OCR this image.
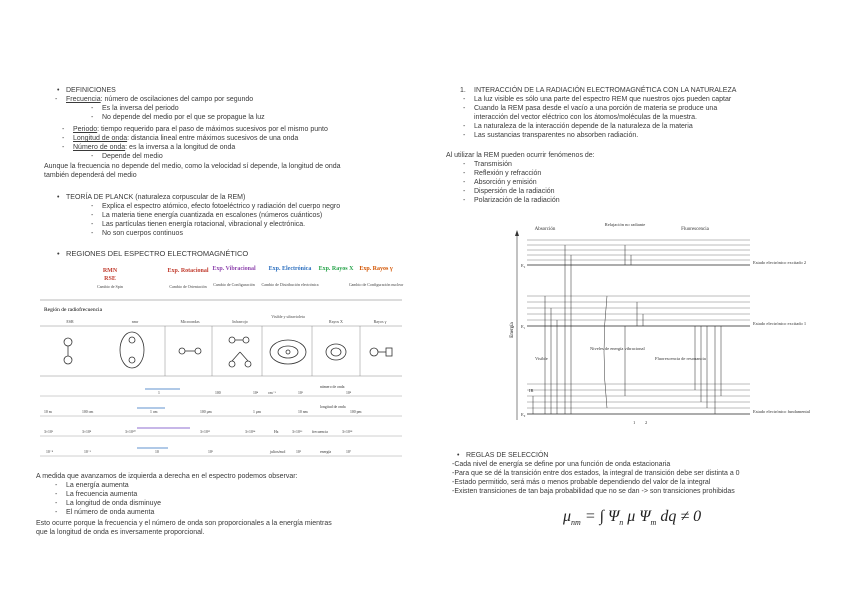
• DEFINICIONES
Frecuencia: número de oscilaciones del campo por segundo
- Es la inversa del periodo
- No depende del medio por el que se propague la luz
- Periodo: tiempo requerido para el paso de máximos sucesivos por el mismo punto
- Longitud de onda: distancia lineal entre máximos sucesivos de una onda
- Número de onda: es la inversa a la longitud de onda
- Depende del medio
Aunque la frecuencia no depende del medio, como la velocidad sí depende, la longitud de onda
también dependerá del medio
• TEORÍA DE PLANCK (naturaleza corpuscular de la REM)
- Explica el espectro atómico, efecto fotoeléctrico y radiación del cuerpo negro
- La materia tiene energía cuantizada en escalones (números cuánticos)
- Las partículas tienen energía rotacional, vibracional y electrónica.
- No son cuerpos continuos
• REGIONES DEL ESPECTRO ELECTROMAGNÉTICO
RMN
RSE
Cambio de Spin
Exp. Rotacional
Cambio de Orientación
Exp. Vibracional
Cambio de Configuración
Exp. Electrónica
Cambio de Distribución electrónica
Exp. Rayos X Exp. Rayos γ
Cambio de Configuración nuclear
Región de radiofrecuencia
ESR	nmr	Microondas	Infrarrojo
Visible y ultravioleta
Rayos X	Rayos γ
1	100	10⁴	cm⁻¹	10⁶
número de onda
10⁸
10 m	100 cm	1 cm	100 μm	1 μm	10 nm
longitud de onda
100 pm
3×10⁶	3×10⁸	3×10¹⁰	3×10¹²	3×10¹⁴	Hz	3×10¹⁶	frecuencia	3×10¹⁸
10⁻⁸	10⁻⁶	10	10³	julios/mol	10⁵	energía	10⁷
A medida que avanzamos de izquierda a derecha en el espectro podemos observar:
- La energía aumenta
- La frecuencia aumenta
- La longitud de onda disminuye
- El número de onda aumenta
Esto ocurre porque la frecuencia y el número de onda son proporcionales a la energía mientras
que la longitud de onda es inversamente proporcional.
1. INTERACCIÓN DE LA RADIACIÓN ELECTROMAGNÉTICA CON LA NATURALEZA
- La luz visible es sólo una parte del espectro REM que nuestros ojos pueden captar
- Cuando la REM pasa desde el vacío a una porción de materia se produce una
interacción del vector eléctrico con los átomos/moléculas de la muestra.
- La naturaleza de la interacción depende de la naturaleza de la materia
- Las sustancias transparentes no absorben radiación.
Al utilizar la REM pueden ocurrir fenómenos de:
- Transmisión
- Reflexión y refracción
- Absorción y emisión
- Dispersión de la radiación
- Polarización de la radiación
Absorción
Relajación no radiante
Fluorescencia
Energía
Estado electrónico excitado 2
Estado electrónico excitado 1
Estado electrónico fundamental
E₂
E₁
E₀
Visible
Niveles de energía vibracional
Fluorescencia de resonancia
IR
1 2
• REGLAS DE SELECCIÓN
-Cada nivel de energía se define por una función de onda estacionaria
-Para que se dé la transición entre dos estados, la integral de transición debe ser distinta a 0
-Estado permitido, será más o menos probable dependiendo del valor de la integral
-Existen transiciones de tan baja probabilidad que no se dan -> son transiciones prohibidas
$\mu_{nm}$ = ∫ $\Psi_n$ μ $\Psi_m$ dq ≠ 0
